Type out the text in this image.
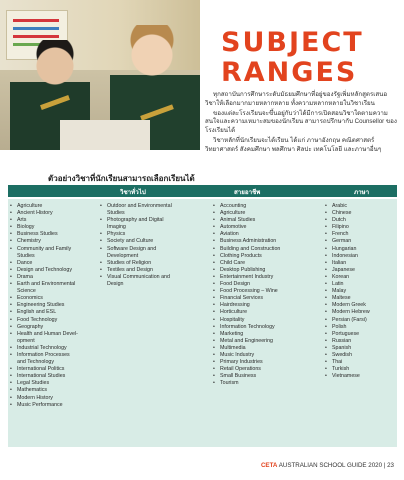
SUBJECT
RANGES

ทุกสถาบันการศึกษาระดับมัธยมศึกษาที่อยู่ของรัฐเพิ่มหลักสูตรเสนอวิชาให้เลือกมากมายหลากหลาย ทั้งความหลากหลายในวิชาเรียน

ของแต่ละโรงเรียนจะขึ้นอยู่กับว่าได้มีการเปิดสอนวิชาใดตามความสนใจและความเหมาะสมของนักเรียน สามารถปรึกษากับ Counsellor ของโรงเรียนได้

วิชาหลักที่นักเรียนจะได้เรียน ได้แก่ ภาษาอังกฤษ คณิตศาสตร์ วิทยาศาสตร์ สังคมศึกษา พลศึกษา ศิลปะ เทคโนโลยี และภาษาอื่นๆ

ตัวอย่างวิชาที่นักเรียนสามารถเลือกเรียนได้
วิชาทั่วไป	สายอาชีพ	ภาษา
• Agriculture
• Ancient History
• Arts
• Biology
• Business Studies
• Chemistry
• Community and Family
Studies
• Dance
• Design and Technology
• Drama
• Earth and Environmental
Science
• Economics
• Engineering Studies
• English and ESL
• Food Technology
• Geography
• Health and Human Devel-
opment
• Industrial Technology
• Information Processes
and Technology
• International Politics
• International Studies
• Legal Studies
• Mathematics
• Modern History
• Music Performance
• Outdoor and Environmental
Studies
• Photography and Digital
Imaging
• Physics
• Society and Culture
• Software Design and
Development
• Studies of Religion
• Textiles and Design
• Visual Communication and
Design
• Accounting
• Agriculture
• Animal Studies
• Automotive
• Aviation
• Business Administration
• Building and Construction
• Clothing Products
• Child Care
• Desktop Publishing
• Entertainment Industry
• Food Design
• Food Processing – Wine
• Financial Services
• Hairdressing
• Horticulture
• Hospitality
• Information Technology
• Marketing
• Metal and Engineering
• Multimedia
• Music Industry
• Primary Industries
• Retail Operations
• Small Business
• Tourism
• Arabic
• Chinese
• Dutch
• Filipino
• French
• German
• Hungarian
• Indonesian
• Italian
• Japanese
• Korean
• Latin
• Malay
• Maltese
• Modern Greek
• Modern Hebrew
• Persian (Farsi)
• Polish
• Portuguese
• Russian
• Spanish
• Swedish
• Thai
• Turkish
• Vietnamese
CETA AUSTRALIAN SCHOOL GUIDE 2020 | 23
